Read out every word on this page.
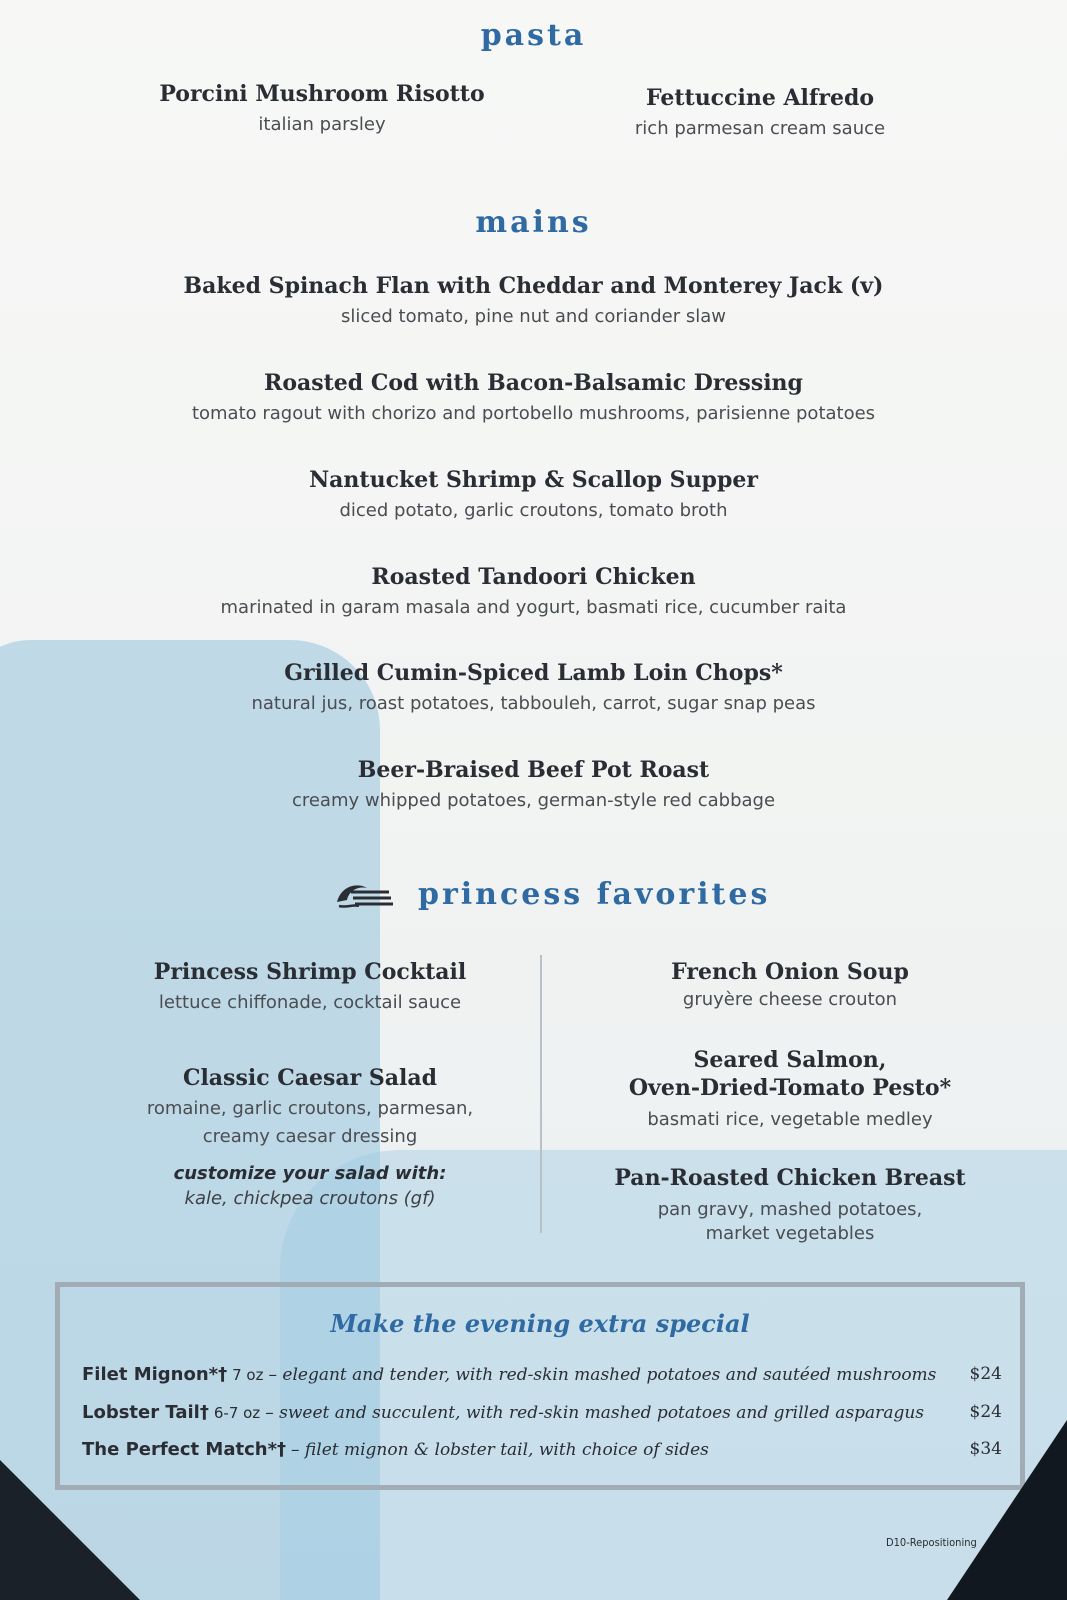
pasta
Porcini Mushroom Risotto
italian parsley
Fettuccine Alfredo
rich parmesan cream sauce
mains
Baked Spinach Flan with Cheddar and Monterey Jack (v)
sliced tomato, pine nut and coriander slaw
Roasted Cod with Bacon-Balsamic Dressing
tomato ragout with chorizo and portobello mushrooms, parisienne potatoes
Nantucket Shrimp & Scallop Supper
diced potato, garlic croutons, tomato broth
Roasted Tandoori Chicken
marinated in garam masala and yogurt, basmati rice, cucumber raita
Grilled Cumin-Spiced Lamb Loin Chops*
natural jus, roast potatoes, tabbouleh, carrot, sugar snap peas
Beer-Braised Beef Pot Roast
creamy whipped potatoes, german-style red cabbage
princess favorites
Princess Shrimp Cocktail
lettuce chiffonade, cocktail sauce
Classic Caesar Salad
romaine, garlic croutons, parmesan,
creamy caesar dressing
customize your salad with:
kale, chickpea croutons (gf)
French Onion Soup
gruyère cheese crouton
Seared Salmon,
Oven-Dried-Tomato Pesto*
basmati rice, vegetable medley
Pan-Roasted Chicken Breast
pan gravy, mashed potatoes,
market vegetables
Make the evening extra special
Filet Mignon*† 7 oz – elegant and tender, with red-skin mashed potatoes and sautéed mushrooms $24
Lobster Tail† 6-7 oz – sweet and succulent, with red-skin mashed potatoes and grilled asparagus	$24
The Perfect Match*† – filet mignon & lobster tail, with choice of sides	$34
D10-Repositioning
